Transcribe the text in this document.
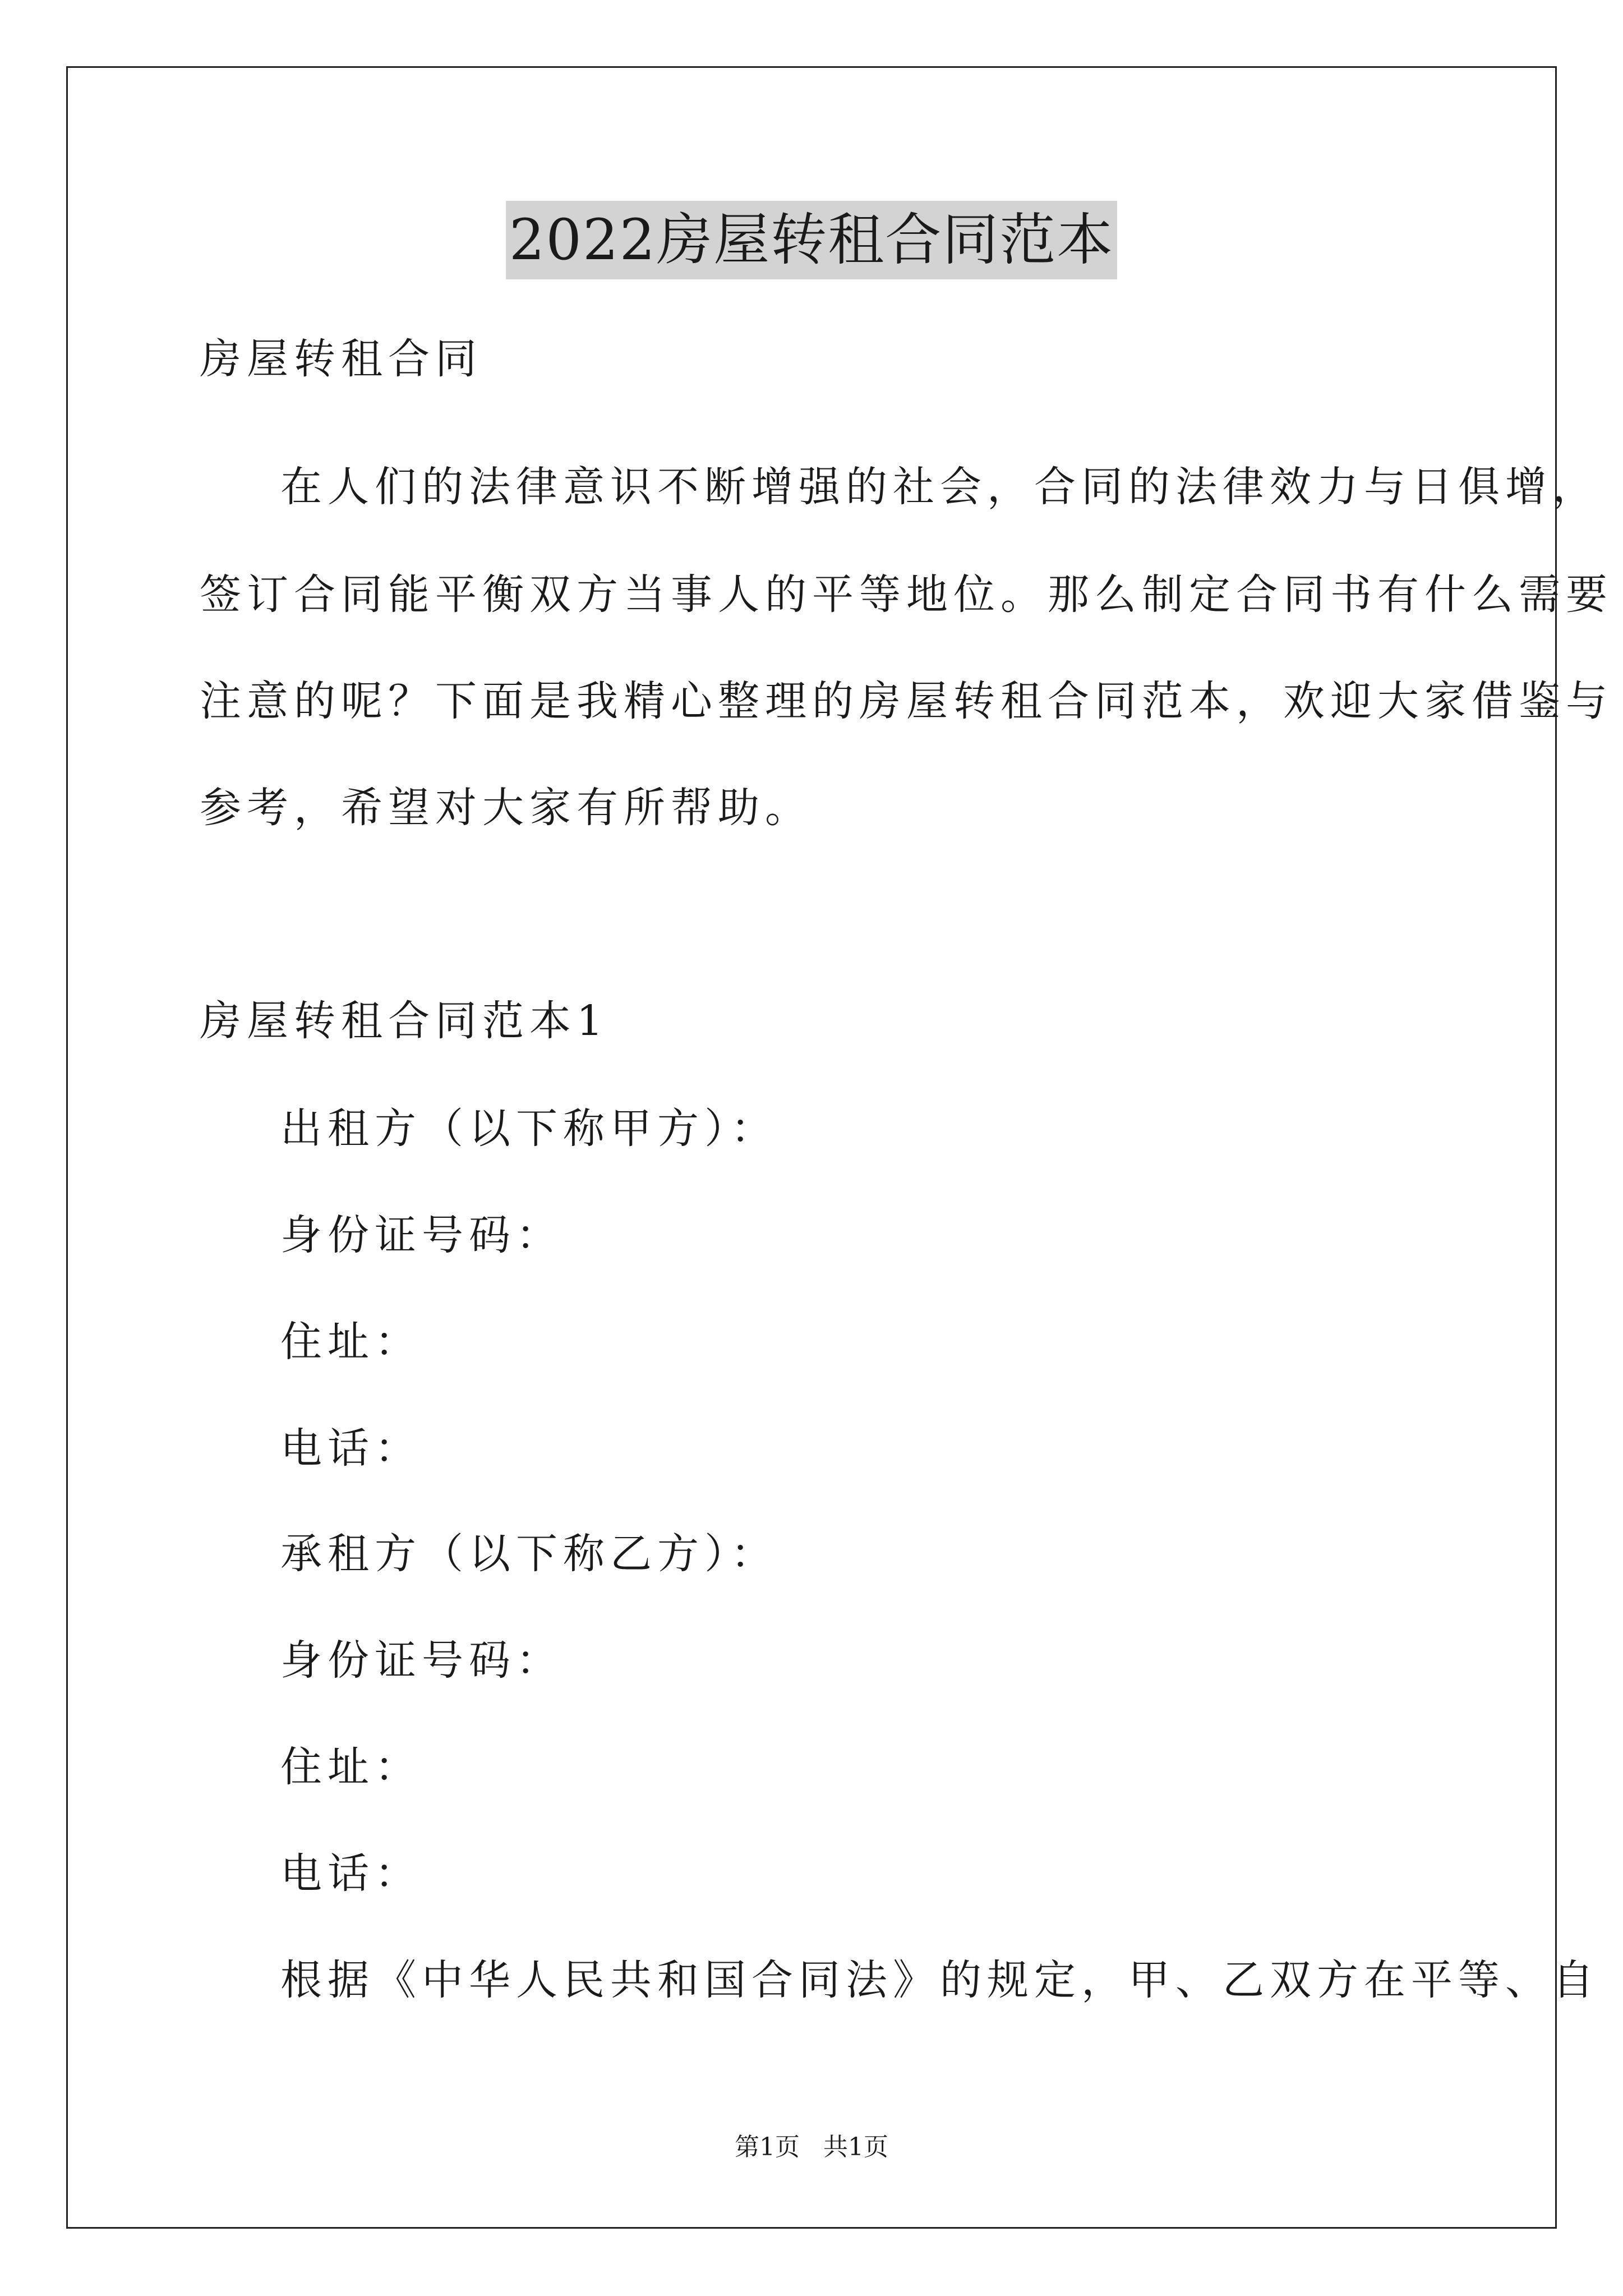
2022房屋转租合同范本
房屋转租合同
在人们的法律意识不断增强的社会，合同的法律效力与日俱增，
签订合同能平衡双方当事人的平等地位。那么制定合同书有什么需要
注意的呢？下面是我精心整理的房屋转租合同范本，欢迎大家借鉴与
参考，希望对大家有所帮助。
房屋转租合同范本1
出租方（以下称甲方）：
身份证号码：
住址：
电话：
承租方（以下称乙方）：
身份证号码：
住址：
电话：
根据《中华人民共和国合同法》的规定，甲、乙双方在平等、自
第1页   共1页
